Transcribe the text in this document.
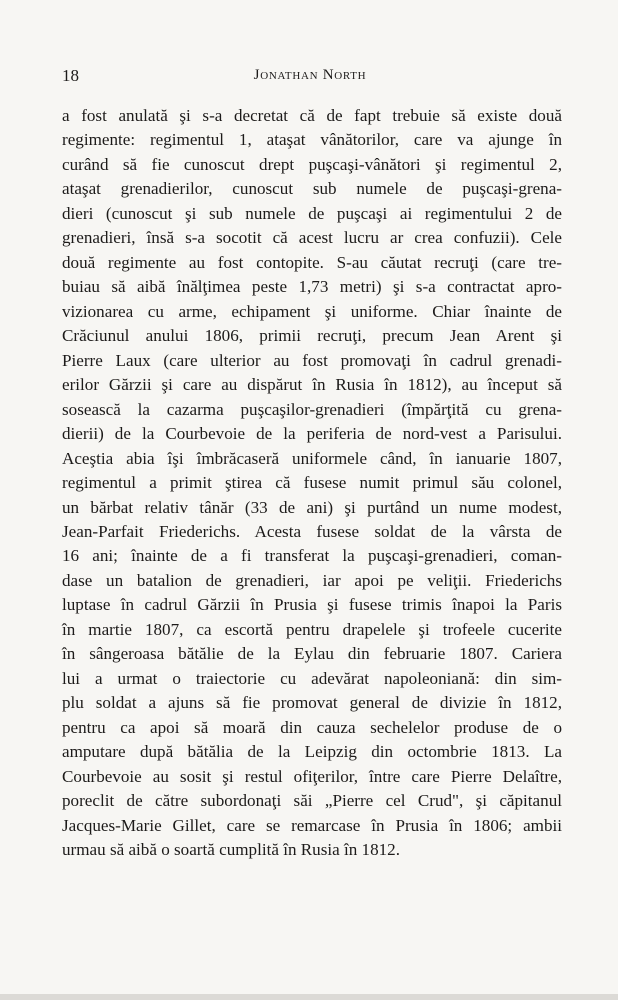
18	Jonathan North
a fost anulată şi s-a decretat că de fapt trebuie să existe două
regimente: regimentul 1, ataşat vânătorilor, care va ajunge în
curând să fie cunoscut drept puşcaşi-vânători şi regimentul 2,
ataşat grenadierilor, cunoscut sub numele de puşcaşi-grena-
dieri (cunoscut şi sub numele de puşcaşi ai regimentului 2 de
grenadieri, însă s-a socotit că acest lucru ar crea confuzii). Cele
două regimente au fost contopite. S-au căutat recruţi (care tre-
buiau să aibă înălţimea peste 1,73 metri) şi s-a contractat apro-
vizionarea cu arme, echipament şi uniforme. Chiar înainte de
Crăciunul anului 1806, primii recruţi, precum Jean Arent şi
Pierre Laux (care ulterior au fost promovaţi în cadrul grenadi-
erilor Gărzii şi care au dispărut în Rusia în 1812), au început să
sosească la cazarma puşcaşilor-grenadieri (împărţită cu grena-
dierii) de la Courbevoie de la periferia de nord-vest a Parisului.
Aceştia abia îşi îmbrăcaseră uniformele când, în ianuarie 1807,
regimentul a primit ştirea că fusese numit primul său colonel,
un bărbat relativ tânăr (33 de ani) şi purtând un nume modest,
Jean-Parfait Friederichs. Acesta fusese soldat de la vârsta de
16 ani; înainte de a fi transferat la puşcaşi-grenadieri, coman-
dase un batalion de grenadieri, iar apoi pe veliţii. Friederichs
luptase în cadrul Gărzii în Prusia şi fusese trimis înapoi la Paris
în martie 1807, ca escortă pentru drapelele şi trofeele cucerite
în sângeroasa bătălie de la Eylau din februarie 1807. Cariera
lui a urmat o traiectorie cu adevărat napoleoniană: din sim-
plu soldat a ajuns să fie promovat general de divizie în 1812,
pentru ca apoi să moară din cauza sechelelor produse de o
amputare după bătălia de la Leipzig din octombrie 1813. La
Courbevoie au sosit şi restul ofiţerilor, între care Pierre Delaître,
poreclit de către subordonaţi săi „Pierre cel Crud", şi căpitanul
Jacques-Marie Gillet, care se remarcase în Prusia în 1806; ambii
urmau să aibă o soartă cumplită în Rusia în 1812.
